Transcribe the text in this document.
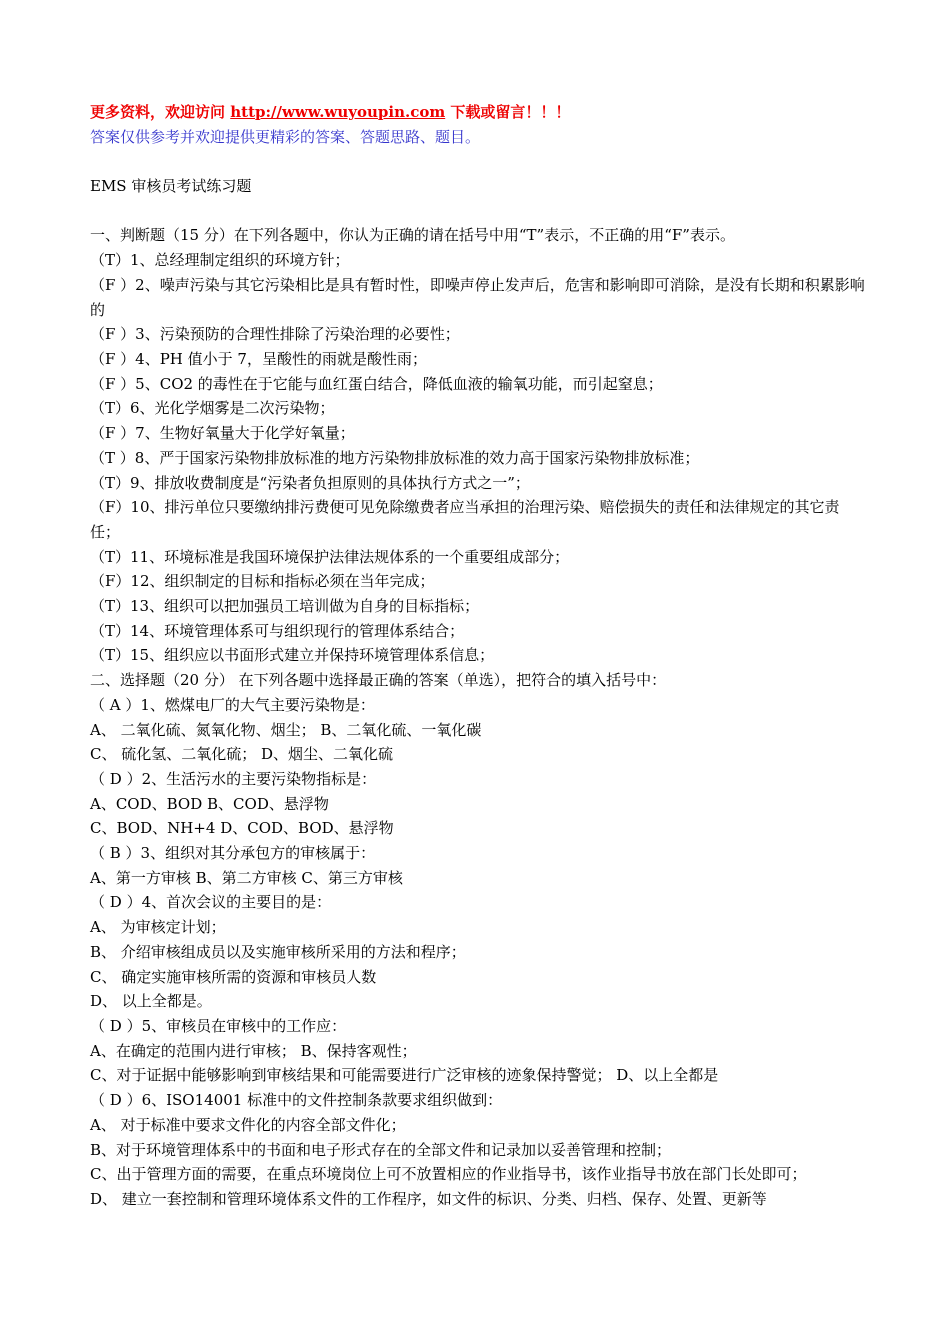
更多资料，欢迎访问 http://www.wuyoupin.com 下载或留言！！！
答案仅供参考并欢迎提供更精彩的答案、答题思路、题目。
EMS 审核员考试练习题
一、判断题（15 分）在下列各题中，你认为正确的请在括号中用“T”表示，不正确的用“F”表示。
（T）1、总经理制定组织的环境方针；
（F ）2、噪声污染与其它污染相比是具有暂时性，即噪声停止发声后，危害和影响即可消除，是没有长期和积累影响的
（F ）3、污染预防的合理性排除了污染治理的必要性；
（F ）4、PH 值小于 7，呈酸性的雨就是酸性雨；
（F ）5、CO2 的毒性在于它能与血红蛋白结合，降低血液的输氧功能，而引起窒息；
（T）6、光化学烟雾是二次污染物；
（F ）7、生物好氧量大于化学好氧量；
（T ）8、严于国家污染物排放标准的地方污染物排放标准的效力高于国家污染物排放标准；
（T）9、排放收费制度是“污染者负担原则的具体执行方式之一”；
（F）10、排污单位只要缴纳排污费便可见免除缴费者应当承担的治理污染、赔偿损失的责任和法律规定的其它责任；
（T）11、环境标准是我国环境保护法律法规体系的一个重要组成部分；
（F）12、组织制定的目标和指标必须在当年完成；
（T）13、组织可以把加强员工培训做为自身的目标指标；
（T）14、环境管理体系可与组织现行的管理体系结合；
（T）15、组织应以书面形式建立并保持环境管理体系信息；
二、选择题（20 分） 在下列各题中选择最正确的答案（单选），把符合的填入括号中：
（ A ）1、燃煤电厂的大气主要污染物是：
A、 二氧化硫、氮氧化物、烟尘； B、二氧化硫、一氧化碳
C、 硫化氢、二氧化硫； D、烟尘、二氧化硫
（ D ）2、生活污水的主要污染物指标是：
A、COD、BOD B、COD、悬浮物
C、BOD、NH+4 D、COD、BOD、悬浮物
（ B ）3、组织对其分承包方的审核属于：
A、第一方审核 B、第二方审核 C、第三方审核
（ D ）4、首次会议的主要目的是：
A、 为审核定计划；
B、 介绍审核组成员以及实施审核所采用的方法和程序；
C、 确定实施审核所需的资源和审核员人数
D、 以上全都是。
（ D ）5、审核员在审核中的工作应：
A、在确定的范围内进行审核； B、保持客观性；
C、对于证据中能够影响到审核结果和可能需要进行广泛审核的迹象保持警觉； D、以上全都是
（ D ）6、ISO14001 标准中的文件控制条款要求组织做到：
A、 对于标准中要求文件化的内容全部文件化；
B、对于环境管理体系中的书面和电子形式存在的全部文件和记录加以妥善管理和控制；
C、出于管理方面的需要，在重点环境岗位上可不放置相应的作业指导书，该作业指导书放在部门长处即可；
D、 建立一套控制和管理环境体系文件的工作程序，如文件的标识、分类、归档、保存、处置、更新等
